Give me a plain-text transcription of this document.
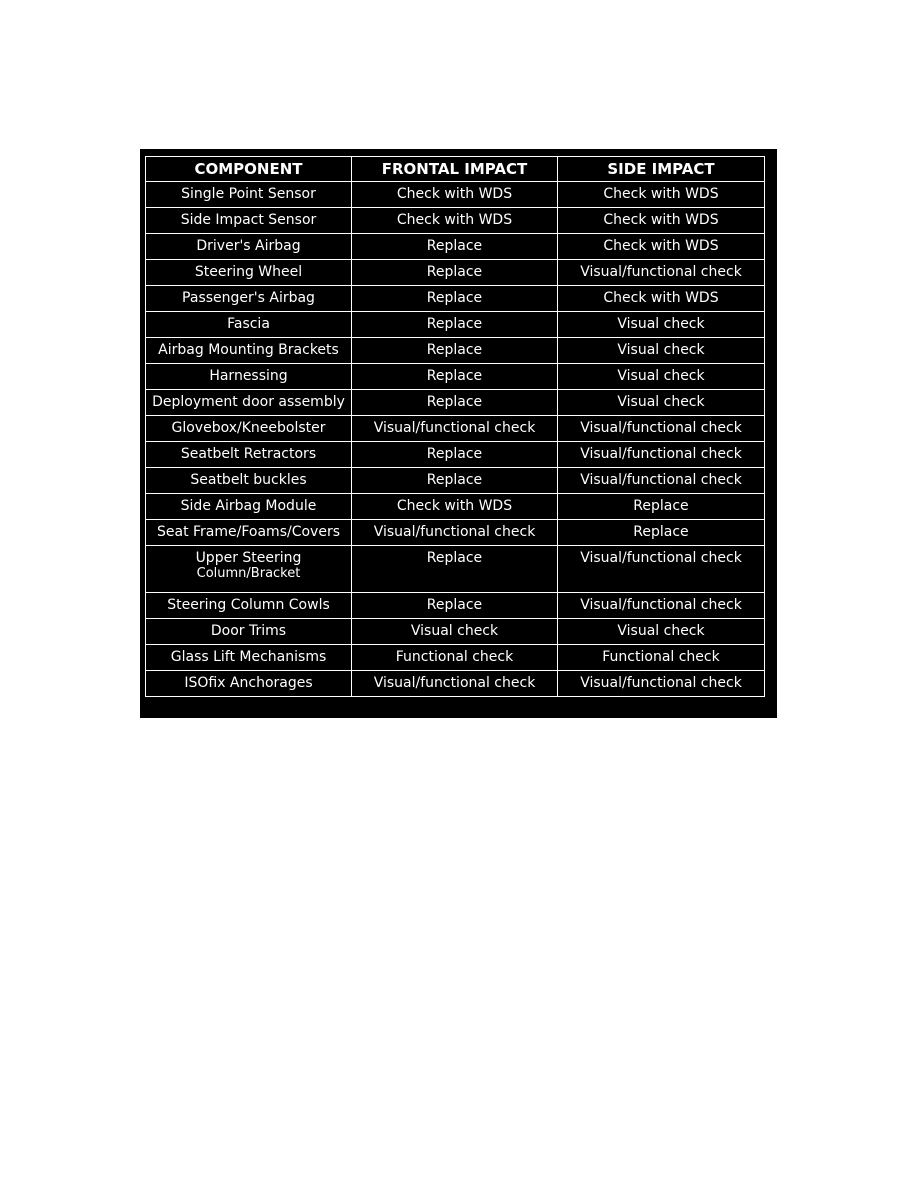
COMPONENT	FRONTAL IMPACT	SIDE IMPACT
Single Point Sensor	Check with WDS	Check with WDS
Side Impact Sensor	Check with WDS	Check with WDS
Driver's Airbag	Replace	Check with WDS
Steering Wheel	Replace	Visual/functional check
Passenger's Airbag	Replace	Check with WDS
Fascia	Replace	Visual check
Airbag Mounting Brackets	Replace	Visual check
Harnessing	Replace	Visual check
Deployment door assembly	Replace	Visual check
Glovebox/Kneebolster	Visual/functional check	Visual/functional check
Seatbelt Retractors	Replace	Visual/functional check
Seatbelt buckles	Replace	Visual/functional check
Side Airbag Module	Check with WDS	Replace
Seat Frame/Foams/Covers	Visual/functional check	Replace
Upper Steering
Column/Bracket	Replace	Visual/functional check
Steering Column Cowls	Replace	Visual/functional check
Door Trims	Visual check	Visual check
Glass Lift Mechanisms	Functional check	Functional check
ISOfix Anchorages	Visual/functional check	Visual/functional check
